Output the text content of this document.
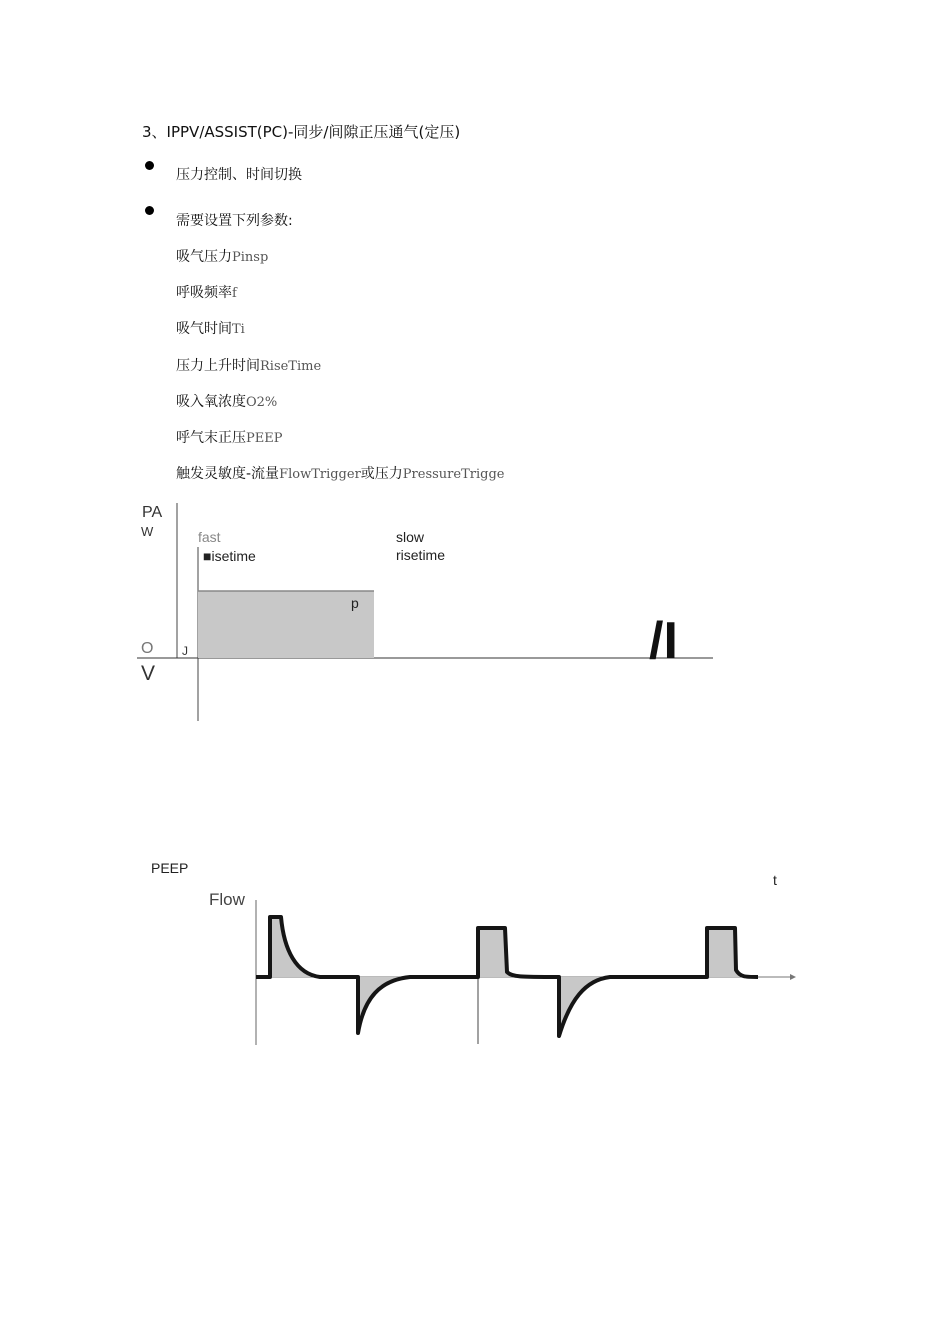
3、IPPV/ASSIST(PC)-同步/间隙正压通气(定压)
压力控制、时间切换
需要设置下列参数:
吸气压力Pinsp
呼吸频率f
吸气时间Ti
压力上升时间RiseTime
吸入氧浓度O2%
呼气末正压PEEP
触发灵敏度-流量FlowTrigger或压力PressureTrigge
PA
W
O
V
J
fast
■isetime
slow
risetime
p
/I
PEEP
Flow
t
